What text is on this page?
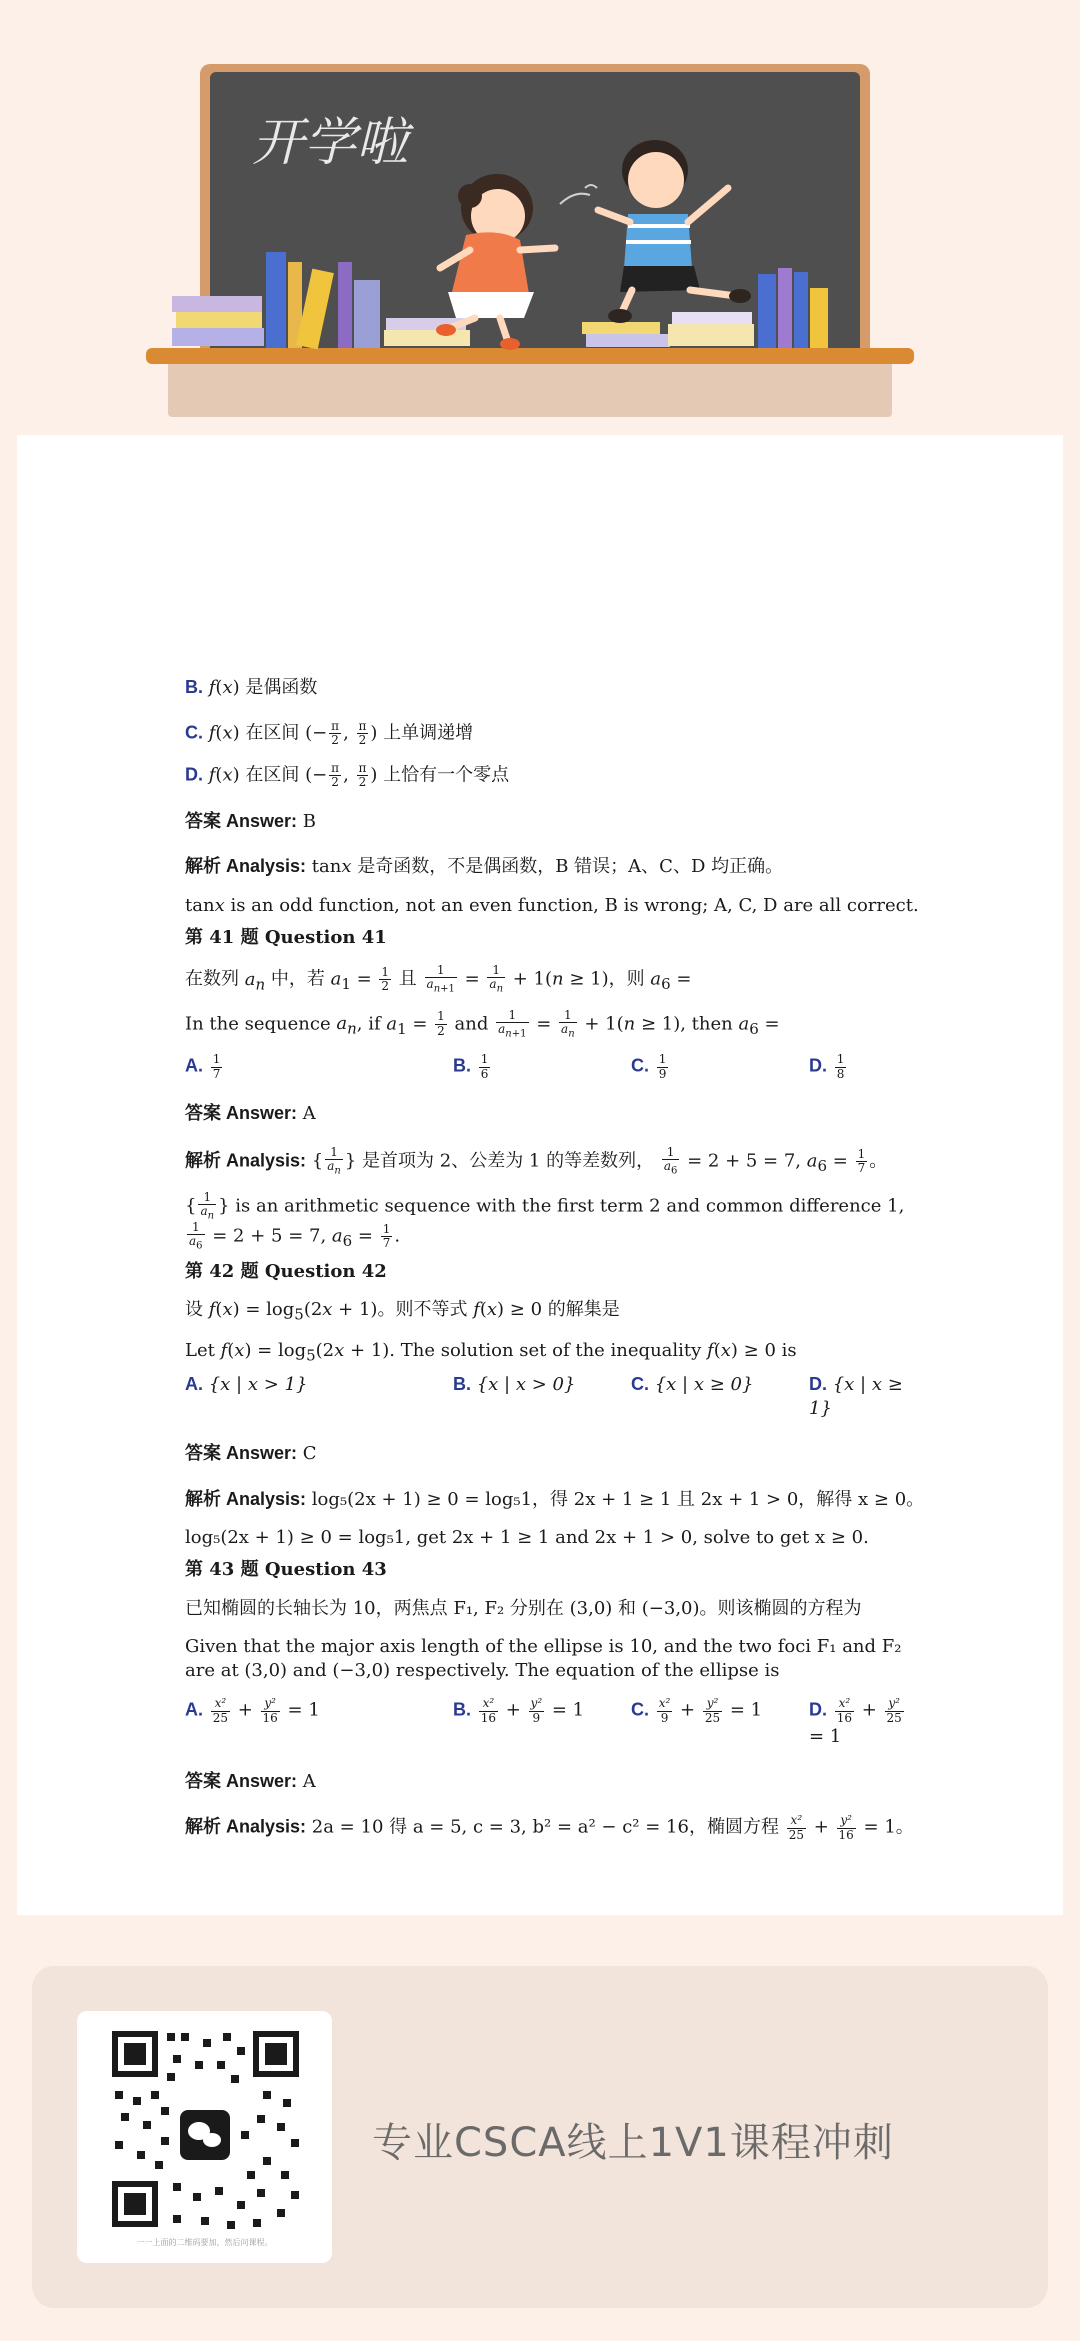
开学啦

B. f(x) 是偶函数

C. f(x) 在区间 (− $\frac{\pi}{2}$ , $\frac{\pi}{2}$ ) 上单调递增

D. f(x) 在区间 (− $\frac{\pi}{2}$ , $\frac{\pi}{2}$ ) 上恰有一个零点

答案 Answer: B

解析 Analysis: tanx 是奇函数，不是偶函数，B 错误；A、C、D 均正确。

tanx is an odd function, not an even function, B is wrong; A, C, D are all correct.

第 41 题 Question 41

在数列 $a_n$ 中，若 $a_1 = \frac{1}{2}$ 且 $\frac{1}{a_{n+1}} = \frac{1}{a_n} + 1(n \ge 1)$，则 $a_6$ =

In the sequence $a_n$, if $a_1 = \frac{1}{2}$ and $\frac{1}{a_{n+1}} = \frac{1}{a_n} + 1(n \ge 1)$, then $a_6$ =

A. $\frac{1}{7}$	B. $\frac{1}{6}$	C. $\frac{1}{9}$	D. $\frac{1}{8}$

答案 Answer: A

解析 Analysis: { $\frac{1}{a_n}$ } 是首项为 2、公差为 1 的等差数列， $\frac{1}{a_6} = 2 + 5 = 7$, $a_6 = \frac{1}{7}$ 。

{ $\frac{1}{a_n}$ } is an arithmetic sequence with the first term 2 and common difference 1,
$\frac{1}{a_6} = 2 + 5 = 7$, $a_6 = \frac{1}{7}$ .

第 42 题 Question 42

设 $f(x) = \log_5(2x + 1)$。则不等式 f(x) ≥ 0 的解集是

Let $f(x) = \log_5(2x + 1)$. The solution set of the inequality f(x) ≥ 0 is

A. {x | x > 1}	B. {x | x > 0}	C. {x | x ≥ 0}	D. {x | x ≥ 1}

答案 Answer: C

解析 Analysis: log₅(2x + 1) ≥ 0 = log₅1，得 2x + 1 ≥ 1 且 2x + 1 > 0，解得 x ≥ 0。

log₅(2x + 1) ≥ 0 = log₅1, get 2x + 1 ≥ 1 and 2x + 1 > 0, solve to get x ≥ 0.

第 43 题 Question 43

已知椭圆的长轴长为 10，两焦点 F₁, F₂ 分别在 (3,0) 和 (−3,0)。则该椭圆的方程为

Given that the major axis length of the ellipse is 10, and the two foci F₁ and F₂ are at (3,0) and (−3,0) respectively. The equation of the ellipse is

A. $\frac{\text{x²}}{25} + \frac{\text{y²}}{16} = 1$	B. $\frac{\text{x²}}{16} + \frac{\text{y²}}{9} = 1$	C. $\frac{\text{x²}}{9} + \frac{\text{y²}}{25} = 1$	D. $\frac{\text{x²}}{16} + \frac{\text{y²}}{25}$
= 1

答案 Answer: A

解析 Analysis: 2a = 10 得 a = 5, c = 3, b² = a² − c² = 16，椭圆方程 $\frac{\text{x²}}{25} + \frac{\text{y²}}{16} = 1$。

一一上面的二维码要加，然后问课程。
专业CSCA线上1V1课程冲刺
